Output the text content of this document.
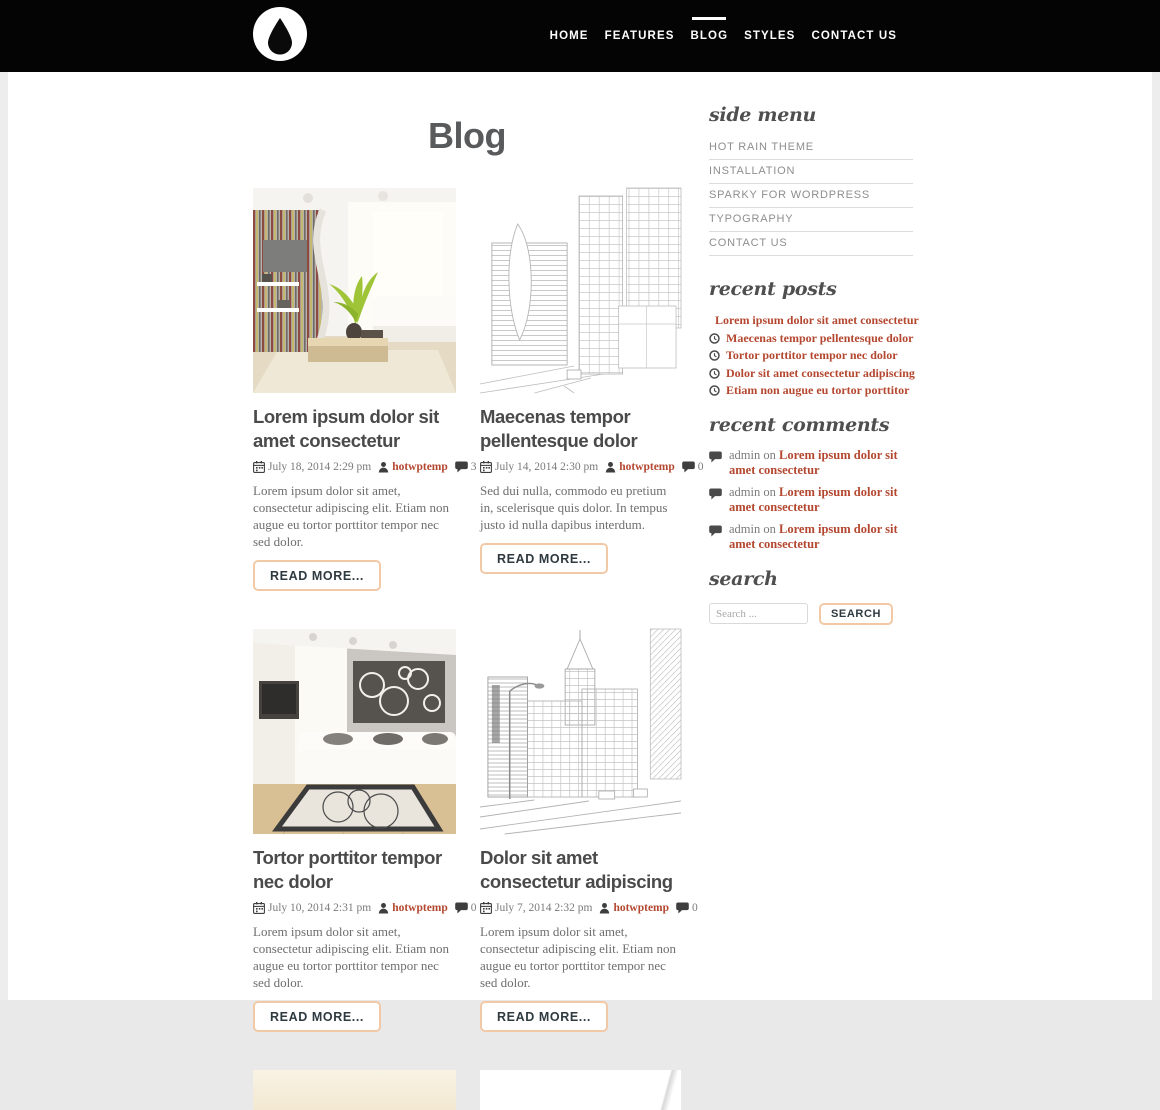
HOME FEATURES BLOG STYLES CONTACT US
Blog
Lorem ipsum dolor sit amet consectetur
July 18, 2014 2:29 pm hotwptemp 3

Lorem ipsum dolor sit amet, consectetur adipiscing elit. Etiam non augue eu tortor porttitor tempor nec sed dolor.

READ MORE...
Maecenas tempor pellentesque dolor
July 14, 2014 2:30 pm hotwptemp 0

Sed dui nulla, commodo eu pretium in, scelerisque quis dolor. In tempus justo id nulla dapibus interdum.

READ MORE...
Tortor porttitor tempor nec dolor
July 10, 2014 2:31 pm hotwptemp 0

Lorem ipsum dolor sit amet, consectetur adipiscing elit. Etiam non augue eu tortor porttitor tempor nec sed dolor.

READ MORE...
Dolor sit amet consectetur adipiscing
July 7, 2014 2:32 pm hotwptemp 0

Lorem ipsum dolor sit amet, consectetur adipiscing elit. Etiam non augue eu tortor porttitor tempor nec sed dolor.

READ MORE...
side menu
HOT RAIN THEME
INSTALLATION
SPARKY FOR WORDPRESS
TYPOGRAPHY
CONTACT US
recent posts
Lorem ipsum dolor sit amet consectetur
Maecenas tempor pellentesque dolor
Tortor porttitor tempor nec dolor
Dolor sit amet consectetur adipiscing
Etiam non augue eu tortor porttitor
recent comments
admin on Lorem ipsum dolor sit amet consectetur
admin on Lorem ipsum dolor sit amet consectetur
admin on Lorem ipsum dolor sit amet consectetur
search
Search ...
SEARCH
